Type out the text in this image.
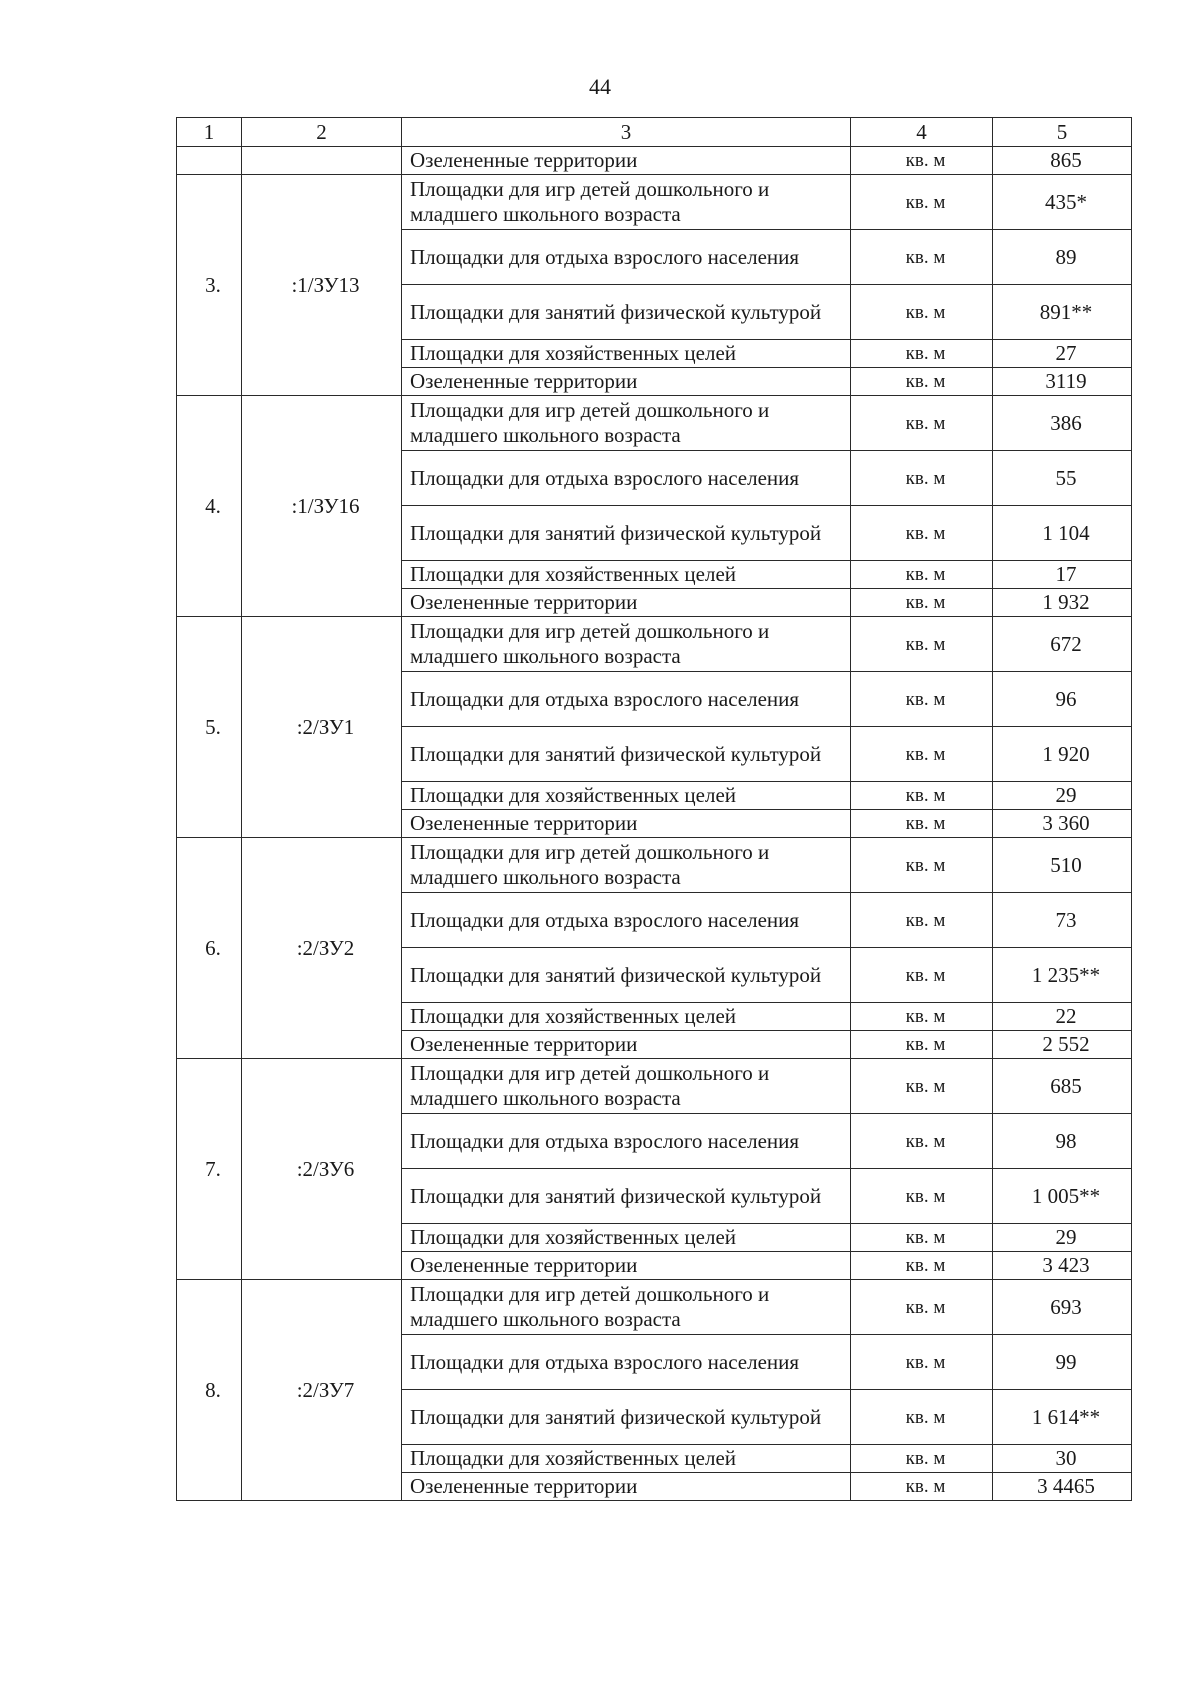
44
1	2	3	4	5
		Озелененные территории	кв. м	865
3.	:1/ЗУ13	Площадки для игр детей дошкольного и младшего школьного возраста	кв. м	435*
		Площадки для отдыха взрослого населения	кв. м	89
		Площадки для занятий физической культурой	кв. м	891**
		Площадки для хозяйственных целей	кв. м	27
		Озелененные территории	кв. м	3119
4.	:1/ЗУ16	Площадки для игр детей дошкольного и младшего школьного возраста	кв. м	386
		Площадки для отдыха взрослого населения	кв. м	55
		Площадки для занятий физической культурой	кв. м	1 104
		Площадки для хозяйственных целей	кв. м	17
		Озелененные территории	кв. м	1 932
5.	:2/ЗУ1	Площадки для игр детей дошкольного и младшего школьного возраста	кв. м	672
		Площадки для отдыха взрослого населения	кв. м	96
		Площадки для занятий физической культурой	кв. м	1 920
		Площадки для хозяйственных целей	кв. м	29
		Озелененные территории	кв. м	3 360
6.	:2/ЗУ2	Площадки для игр детей дошкольного и младшего школьного возраста	кв. м	510
		Площадки для отдыха взрослого населения	кв. м	73
		Площадки для занятий физической культурой	кв. м	1 235**
		Площадки для хозяйственных целей	кв. м	22
		Озелененные территории	кв. м	2 552
7.	:2/ЗУ6	Площадки для игр детей дошкольного и младшего школьного возраста	кв. м	685
		Площадки для отдыха взрослого населения	кв. м	98
		Площадки для занятий физической культурой	кв. м	1 005**
		Площадки для хозяйственных целей	кв. м	29
		Озелененные территории	кв. м	3 423
8.	:2/ЗУ7	Площадки для игр детей дошкольного и младшего школьного возраста	кв. м	693
		Площадки для отдыха взрослого населения	кв. м	99
		Площадки для занятий физической культурой	кв. м	1 614**
		Площадки для хозяйственных целей	кв. м	30
		Озелененные территории	кв. м	3 4465
